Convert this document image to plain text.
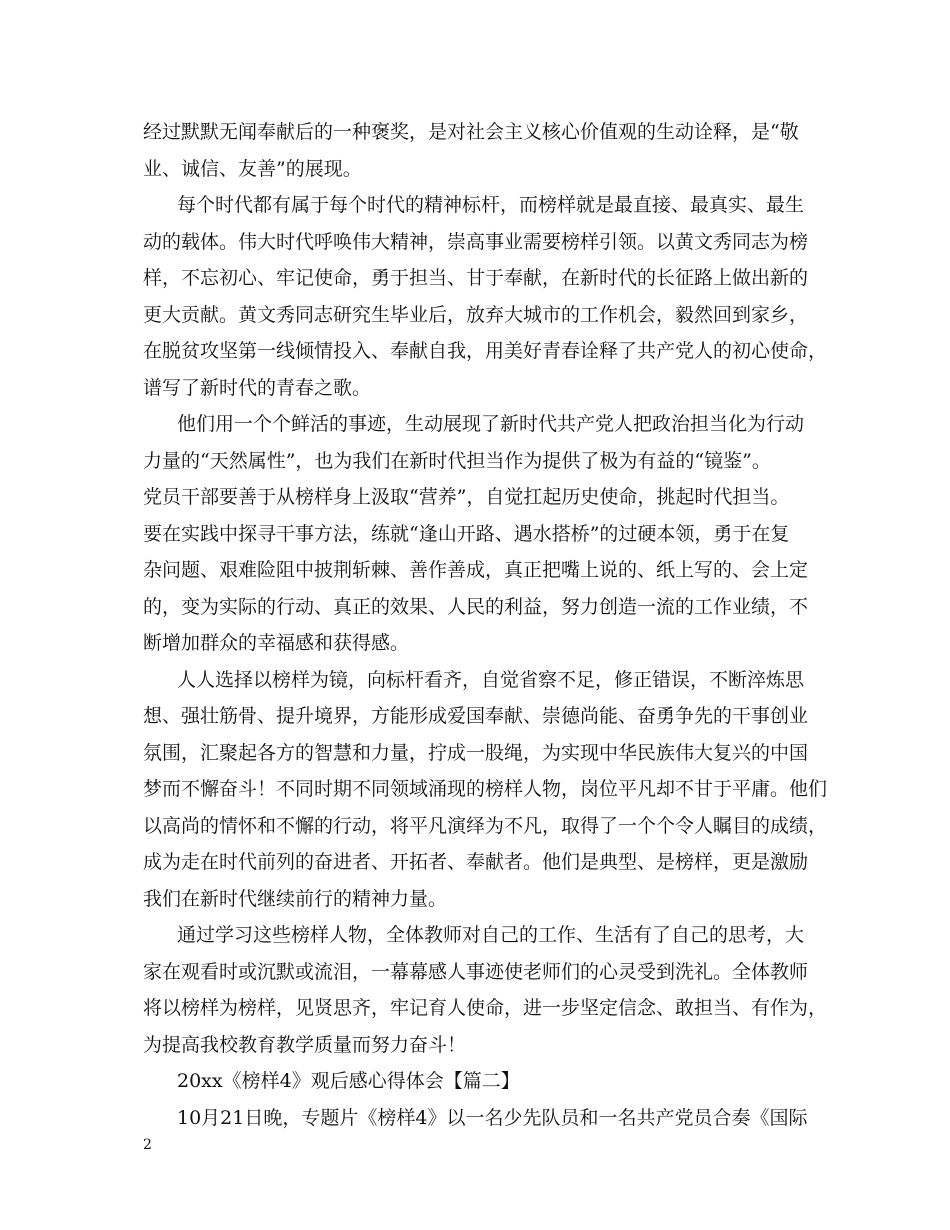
经过默默无闻奉献后的一种褒奖，是对社会主义核心价值观的生动诠释，是“敬
业、诚信、友善”的展现。
每个时代都有属于每个时代的精神标杆，而榜样就是最直接、最真实、最生
动的载体。伟大时代呼唤伟大精神，崇高事业需要榜样引领。以黄文秀同志为榜
样，不忘初心、牢记使命，勇于担当、甘于奉献，在新时代的长征路上做出新的
更大贡献。黄文秀同志研究生毕业后，放弃大城市的工作机会，毅然回到家乡，
在脱贫攻坚第一线倾情投入、奉献自我，用美好青春诠释了共产党人的初心使命，
谱写了新时代的青春之歌。
他们用一个个鲜活的事迹，生动展现了新时代共产党人把政治担当化为行动
力量的“天然属性”，也为我们在新时代担当作为提供了极为有益的“镜鉴”。
党员干部要善于从榜样身上汲取“营养”，自觉扛起历史使命，挑起时代担当。
要在实践中探寻干事方法，练就“逢山开路、遇水搭桥”的过硬本领，勇于在复
杂问题、艰难险阻中披荆斩棘、善作善成，真正把嘴上说的、纸上写的、会上定
的，变为实际的行动、真正的效果、人民的利益，努力创造一流的工作业绩，不
断增加群众的幸福感和获得感。
人人选择以榜样为镜，向标杆看齐，自觉省察不足，修正错误，不断淬炼思
想、强壮筋骨、提升境界，方能形成爱国奉献、崇德尚能、奋勇争先的干事创业
氛围，汇聚起各方的智慧和力量，拧成一股绳，为实现中华民族伟大复兴的中国
梦而不懈奋斗！不同时期不同领域涌现的榜样人物，岗位平凡却不甘于平庸。他们
以高尚的情怀和不懈的行动，将平凡演绎为不凡，取得了一个个令人瞩目的成绩，
成为走在时代前列的奋进者、开拓者、奉献者。他们是典型、是榜样，更是激励
我们在新时代继续前行的精神力量。
通过学习这些榜样人物，全体教师对自己的工作、生活有了自己的思考，大
家在观看时或沉默或流泪，一幕幕感人事迹使老师们的心灵受到洗礼。全体教师
将以榜样为榜样，见贤思齐，牢记育人使命，进一步坚定信念、敢担当、有作为，
为提高我校教育教学质量而努力奋斗！
20xx《榜样4》观后感心得体会【篇二】
10月21日晚，专题片《榜样4》以一名少先队员和一名共产党员合奏《国际
2
